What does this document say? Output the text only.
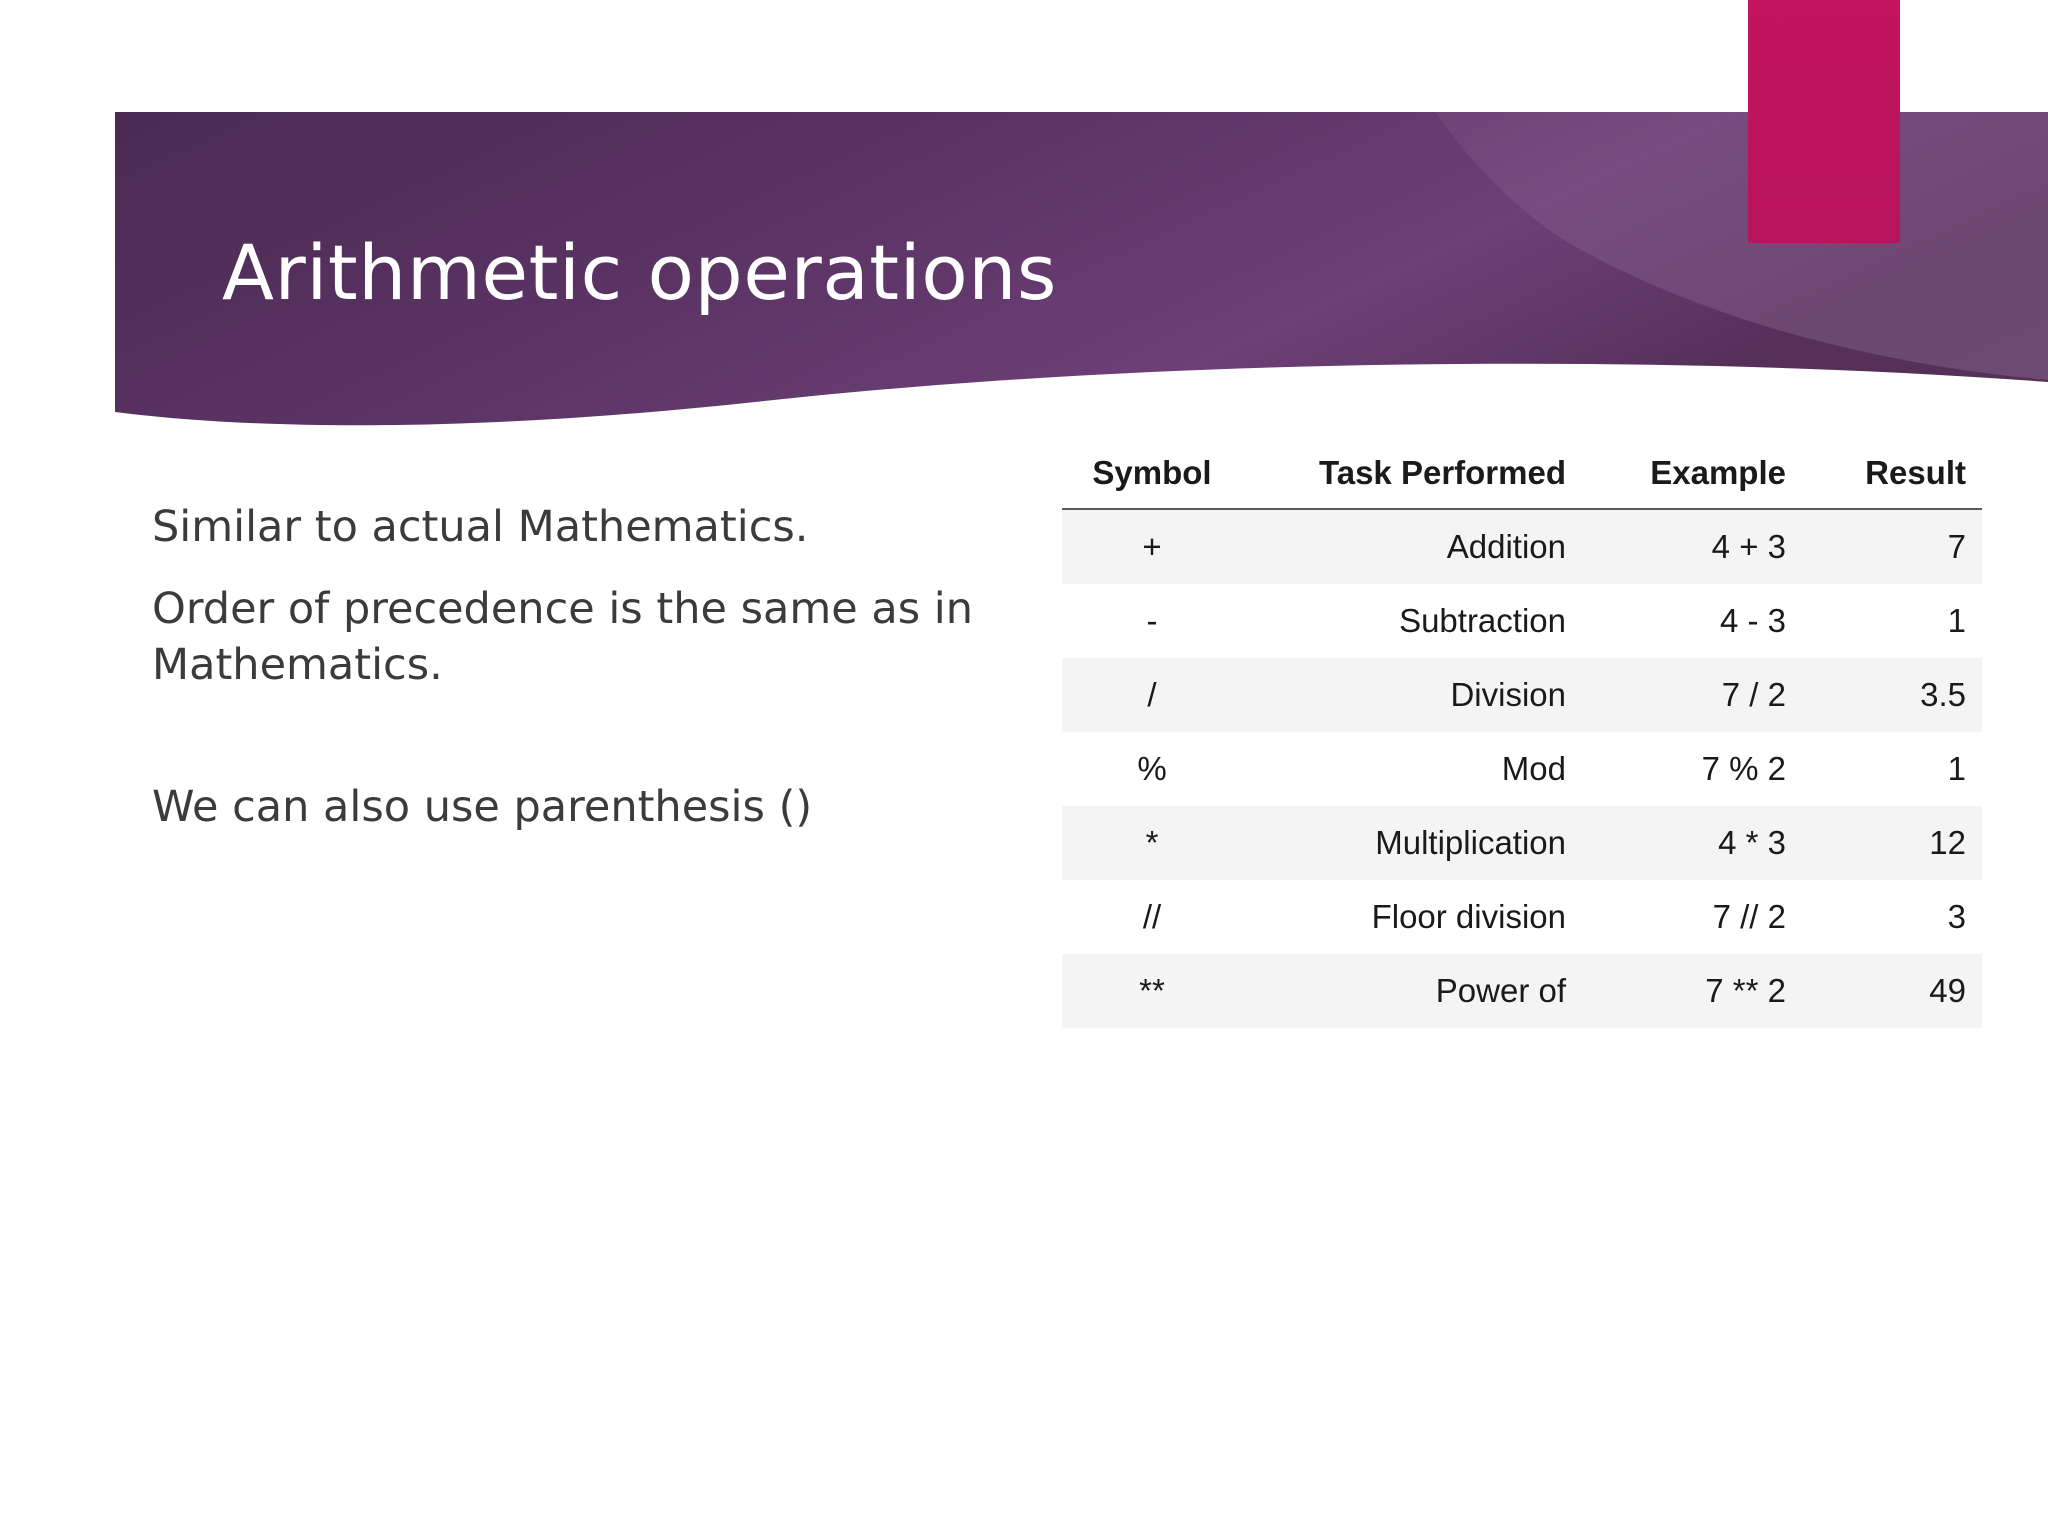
Arithmetic operations
Similar to actual Mathematics.
Order of precedence is the same as in Mathematics.
We can also use parenthesis ()
Symbol	Task Performed	Example	Result
+	Addition	4 + 3	7
-	Subtraction	4 - 3	1
/	Division	7 / 2	3.5
%	Mod	7 % 2	1
*	Multiplication	4 * 3	12
//	Floor division	7 // 2	3
**	Power of	7 ** 2	49
